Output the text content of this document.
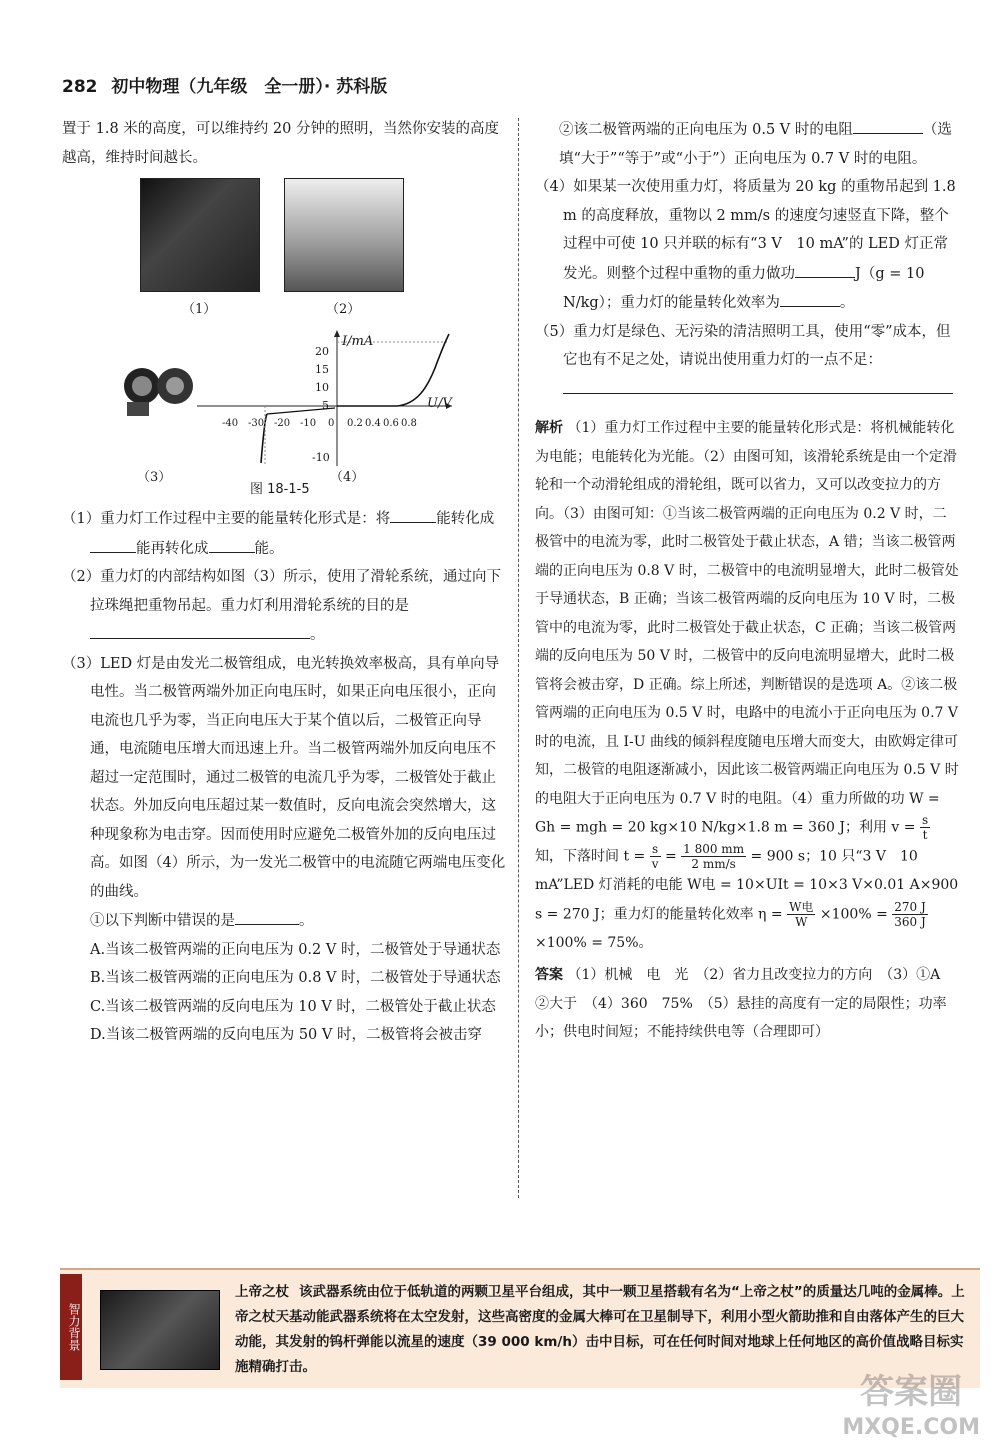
282 初中物理（九年级　全一册）· 苏科版

置于 1.8 米的高度，可以维持约 20 分钟的照明，当然你安装的高度越高，维持时间越长。

（1）	（2）
（3）
I/mA
U/V
20
15
10
5
-10
-40 -30 -20 -10 0 0.2 0.4 0.6 0.8
（4）
图 18-1-5

（1）重力灯工作过程中主要的能量转化形式是：将	能转化成能再转化成	能。

（2）重力灯的内部结构如图（3）所示，使用了滑轮系统，通过向下拉珠绳把重物吊起。重力灯利用滑轮系统的目的是。

（3）LED 灯是由发光二极管组成，电光转换效率极高，具有单向导电性。当二极管两端外加正向电压时，如果正向电压很小，正向电流也几乎为零，当正向电压大于某个值以后，二极管正向导通，电流随电压增大而迅速上升。当二极管两端外加反向电压不超过一定范围时，通过二极管的电流几乎为零，二极管处于截止状态。外加反向电压超过某一数值时，反向电流会突然增大，这种现象称为电击穿。因而使用时应避免二极管外加的反向电压过高。如图（4）所示，为一发光二极管中的电流随它两端电压变化的曲线。

①以下判断中错误的是	。

A.当该二极管两端的正向电压为 0.2 V 时，二极管处于导通状态

B.当该二极管两端的正向电压为 0.8 V 时，二极管处于导通状态

C.当该二极管两端的反向电压为 10 V 时，二极管处于截止状态

D.当该二极管两端的反向电压为 50 V 时，二极管将会被击穿

②该二极管两端的正向电压为 0.5 V 时的电阻	（选填“大于”“等于”或“小于”）正向电压为 0.7 V 时的电阻。

（4）如果某一次使用重力灯，将质量为 20 kg 的重物吊起到 1.8 m 的高度释放，重物以 2 mm/s 的速度匀速竖直下降，整个过程中可使 10 只并联的标有“3 V　10 mA”的 LED 灯正常发光。则整个过程中重物的重力做功	J（g = 10 N/kg）；重力灯的能量转化效率为	。

（5）重力灯是绿色、无污染的清洁照明工具，使用“零”成本，但它也有不足之处，请说出使用重力灯的一点不足：

解析 （1）重力灯工作过程中主要的能量转化形式是：将机械能转化为电能；电能转化为光能。（2）由图可知，该滑轮系统是由一个定滑轮和一个动滑轮组成的滑轮组，既可以省力，又可以改变拉力的方向。（3）由图可知：①当该二极管两端的正向电压为 0.2 V 时，二极管中的电流为零，此时二极管处于截止状态，A 错；当该二极管两端的正向电压为 0.8 V 时，二极管中的电流明显增大，此时二极管处于导通状态，B 正确；当该二极管两端的反向电压为 10 V 时，二极管中的电流为零，此时二极管处于截止状态，C 正确；当该二极管两端的反向电压为 50 V 时，二极管中的反向电流明显增大，此时二极管将会被击穿，D 正确。综上所述，判断错误的是选项 A。②该二极管两端的正向电压为 0.5 V 时，电路中的电流小于正向电压为 0.7 V 时的电流，且 I-U 曲线的倾斜程度随电压增大而变大，由欧姆定律可知，二极管的电阻逐渐减小，因此该二极管两端正向电压为 0.5 V 时的电阻大于正向电压为 0.7 V 时的电阻。（4）重力所做的功 W = Gh = mgh = 20 kg×10 N/kg×1.8 m = 360 J；利用 $v = \frac{s}{t}$
知，下落时间 $t = \frac{s}{v} = \frac{1 800 mm}{2 mm/s} = 900$ s；10 只“3 V　10 mA”LED 灯消耗的电能 W电 = 10×UIt = 10×3 V×0.01 A×900 s = 270 J；重力灯的能量转化效率 $\eta = \frac{\text{W电}}{W} \times 100\% = \frac{270 J}{360 J}$
×100% = 75%。

答案 （1）机械　电　光　（2）省力且改变拉力的方向　（3）①A　②大于　（4）360　75%　（5）悬挂的高度有一定的局限性；功率小；供电时间短；不能持续供电等（合理即可）

智力背景
上帝之杖 该武器系统由位于低轨道的两颗卫星平台组成，其中一颗卫星搭载有名为“上帝之杖”的质量达几吨的金属棒。上帝之杖天基动能武器系统将在太空发射，这些高密度的金属大棒可在卫星制导下，利用小型火箭助推和自由落体产生的巨大动能，其发射的钨杆弹能以流星的速度（39 000 km/h）击中目标，可在任何时间对地球上任何地区的高价值战略目标实施精确打击。
答案圈
MXQE.COM
